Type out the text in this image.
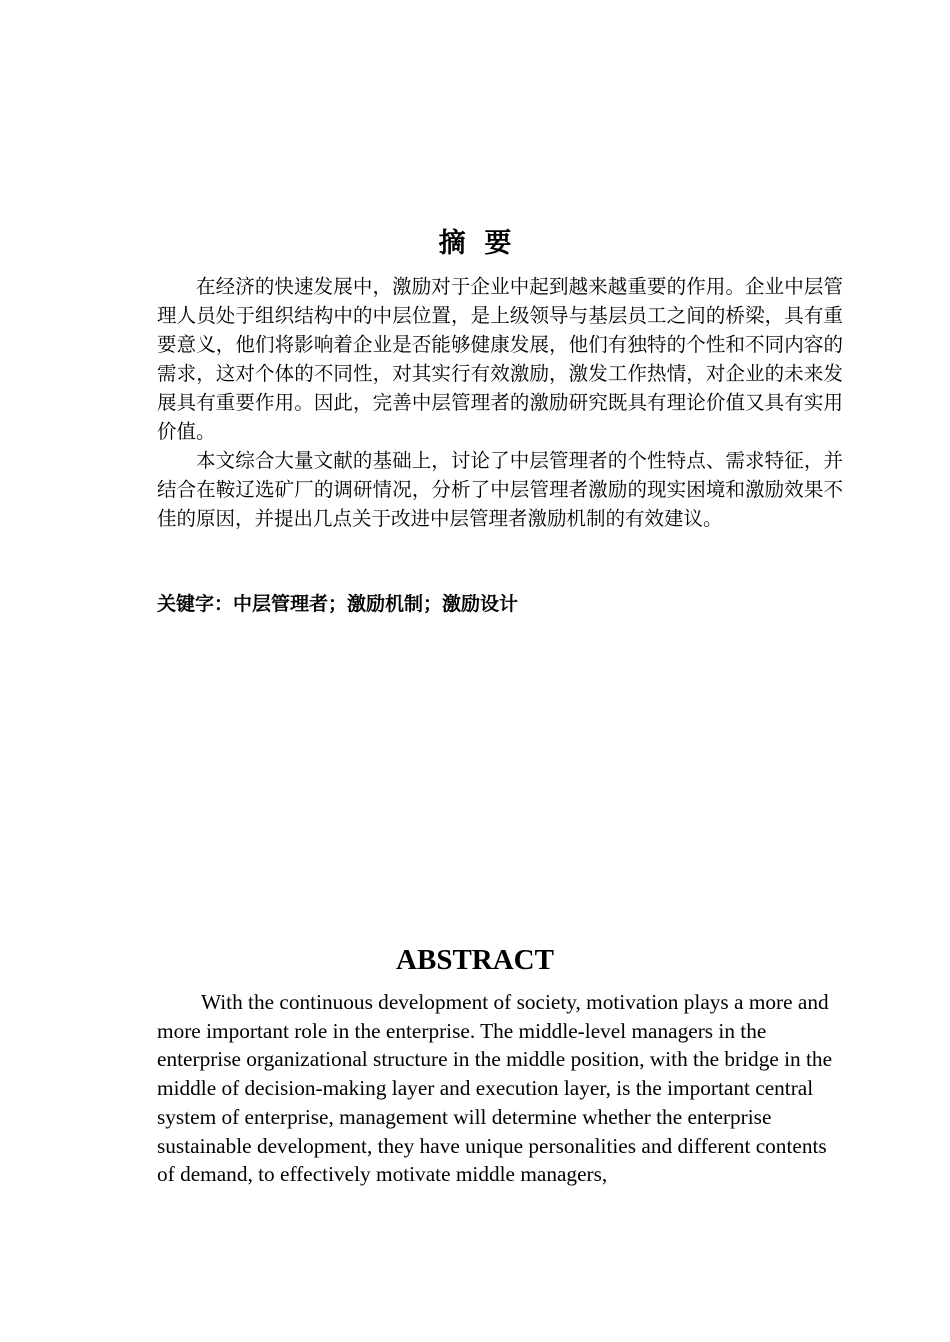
摘  要

在经济的快速发展中，激励对于企业中起到越来越重要的作用。企业中层管理人员处于组织结构中的中层位置，是上级领导与基层员工之间的桥梁，具有重要意义，他们将影响着企业是否能够健康发展，他们有独特的个性和不同内容的需求，这对个体的不同性，对其实行有效激励，激发工作热情，对企业的未来发展具有重要作用。因此，完善中层管理者的激励研究既具有理论价值又具有实用价值。

本文综合大量文献的基础上，讨论了中层管理者的个性特点、需求特征，并结合在鞍辽选矿厂的调研情况，分析了中层管理者激励的现实困境和激励效果不佳的原因，并提出几点关于改进中层管理者激励机制的有效建议。

关键字：中层管理者；激励机制；激励设计
ABSTRACT

With the continuous development of society, motivation plays a more and more important role in the enterprise. The middle-level managers in the enterprise organizational structure in the middle position, with the bridge in the middle of decision-making layer and execution layer, is the important central system of enterprise, management will determine whether the enterprise sustainable development, they have unique personalities and different contents of demand, to effectively motivate middle managers,
